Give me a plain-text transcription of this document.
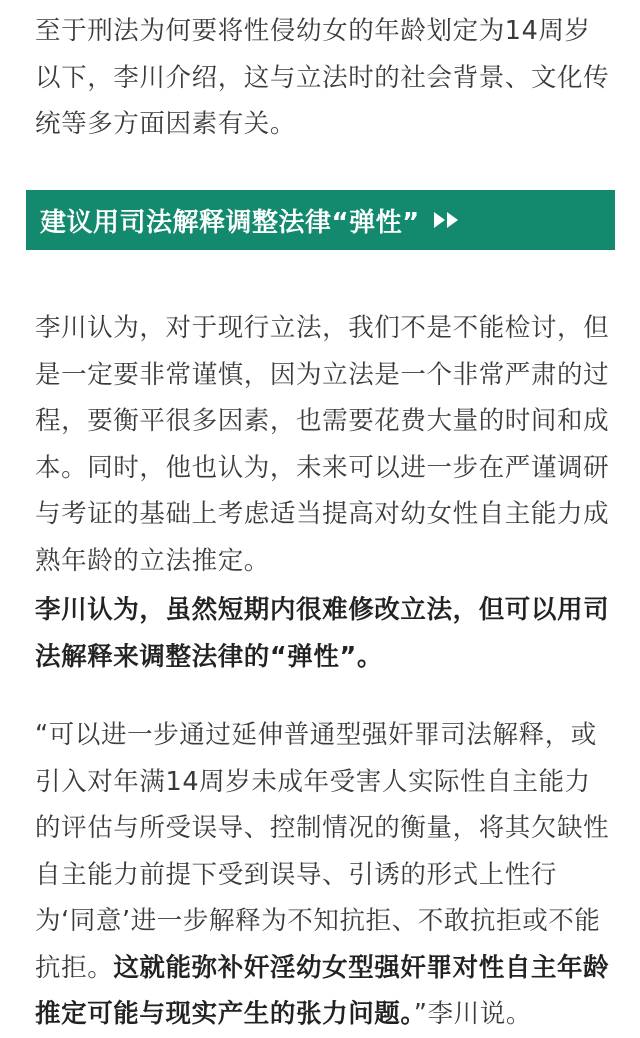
至于刑法为何要将性侵幼女的年龄划定为14周岁以下，李川介绍，这与立法时的社会背景、文化传统等多方面因素有关。

建议用司法解释调整法律“弹性”

李川认为，对于现行立法，我们不是不能检讨，但是一定要非常谨慎，因为立法是一个非常严肃的过程，要衡平很多因素，也需要花费大量的时间和成本。同时，他也认为，未来可以进一步在严谨调研与考证的基础上考虑适当提高对幼女性自主能力成熟年龄的立法推定。

李川认为，虽然短期内很难修改立法，但可以用司法解释来调整法律的“弹性”。

“可以进一步通过延伸普通型强奸罪司法解释，或引入对年满14周岁未成年受害人实际性自主能力的评估与所受误导、控制情况的衡量，将其欠缺性自主能力前提下受到误导、引诱的形式上性行为‘同意’进一步解释为不知抗拒、不敢抗拒或不能抗拒。这就能弥补奸淫幼女型强奸罪对性自主年龄推定可能与现实产生的张力问题。”李川说。
